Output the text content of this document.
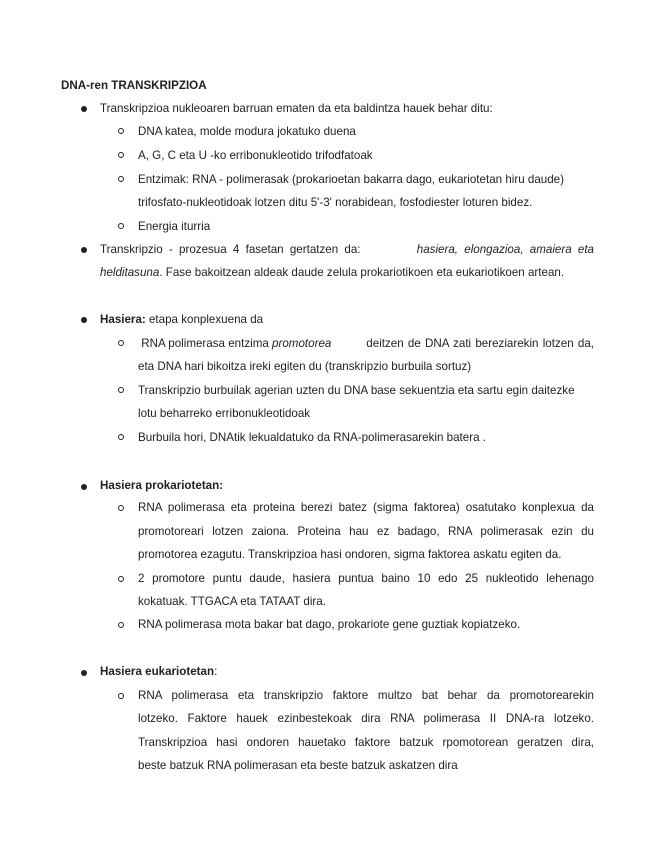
DNA-ren TRANSKRIPZIOA
Transkripzioa nukleoaren barruan ematen da eta baldintza hauek behar ditu:
DNA katea, molde modura jokatuko duena
A, G, C eta U -ko erribonukleotido trifodfatoak
Entzimak: RNA - polimerasak (prokarioetan bakarra dago, eukariotetan hiru daude)
trifosfato-nukleotidoak lotzen ditu 5'-3' norabidean, fosfodiester loturen bidez.
Energia iturria
Transkripzio - prozesua 4 fasetan gertatzen da:	hasiera, elongazioa, amaiera eta
helditasuna. Fase bakoitzean aldeak daude zelula prokariotikoen eta eukariotikoen artean.
Hasiera: etapa konplexuena da
RNA polimerasa entzima promotorea	deitzen de DNA zati bereziarekin lotzen da,
eta DNA hari bikoitza ireki egiten du (transkripzio burbuila sortuz)
Transkripzio burbuilak agerian uzten du DNA base sekuentzia eta sartu egin daitezke
lotu beharreko erribonukleotidoak
Burbuila hori, DNAtik lekualdatuko da RNA-polimerasarekin batera .
Hasiera prokariotetan:
RNA polimerasa eta proteina berezi batez (sigma faktorea) osatutako konplexua da
promotoreari lotzen zaiona. Proteina hau ez badago, RNA polimerasak ezin du
promotorea ezagutu. Transkripzioa hasi ondoren, sigma faktorea askatu egiten da.
2 promotore puntu daude, hasiera puntua baino 10 edo 25 nukleotido lehenago
kokatuak. TTGACA eta TATAAT dira.
RNA polimerasa mota bakar bat dago, prokariote gene guztiak kopiatzeko.
Hasiera eukariotetan:
RNA polimerasa eta transkripzio faktore multzo bat behar da promotorearekin
lotzeko. Faktore hauek ezinbestekoak dira RNA polimerasa II DNA-ra lotzeko.
Transkripzioa hasi ondoren hauetako faktore batzuk rpomotorean geratzen dira,
beste batzuk RNA polimerasan eta beste batzuk askatzen dira
